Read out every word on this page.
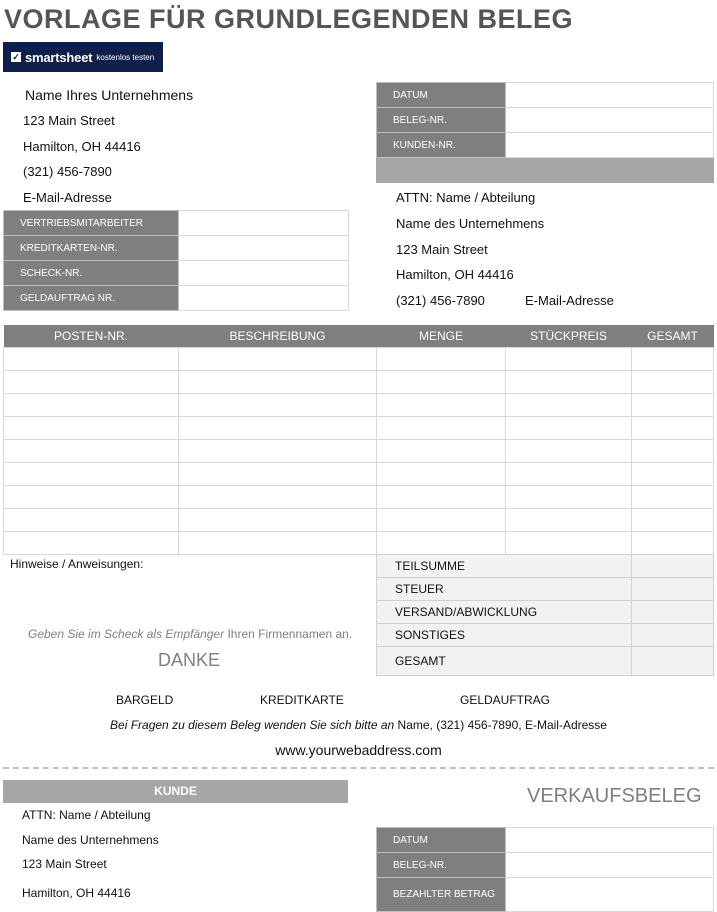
VORLAGE FÜR GRUNDLEGENDEN BELEG
✓ smartsheet kostenlos testen
Name Ihres Unternehmens
123 Main Street
Hamilton, OH 44416
(321) 456-7890
E-Mail-Adresse
DATUM	
BELEG-NR.	
KUNDEN-NR.	

VERTRIEBSMITARBEITER	
KREDITKARTEN-NR.	
SCHECK-NR.	
GELDAUFTRAG NR.	
ATTN: Name / Abteilung
Name des Unternehmens
123 Main Street
Hamilton, OH 44416
(321) 456-7890	E-Mail-Adresse
POSTEN-NR.	BESCHREIBUNG	MENGE	STÜCKPREIS	GESAMT

Hinweise / Anweisungen:	TEILSUMME	
STEUER	
VERSAND/ABWICKLUNG	
SONSTIGES	
GESAMT	
Geben Sie im Scheck als Empfänger Ihren Firmennamen an.
DANKE
BARGELD	KREDITKARTE	GELDAUFTRAG
Bei Fragen zu diesem Beleg wenden Sie sich bitte an Name, (321) 456-7890, E-Mail-Adresse
www.yourwebaddress.com
KUNDE	VERKAUFSBELEG
ATTN: Name / Abteilung
Name des Unternehmens
123 Main Street
Hamilton, OH 44416
DATUM	
BELEG-NR.	
BEZAHLTER BETRAG	
